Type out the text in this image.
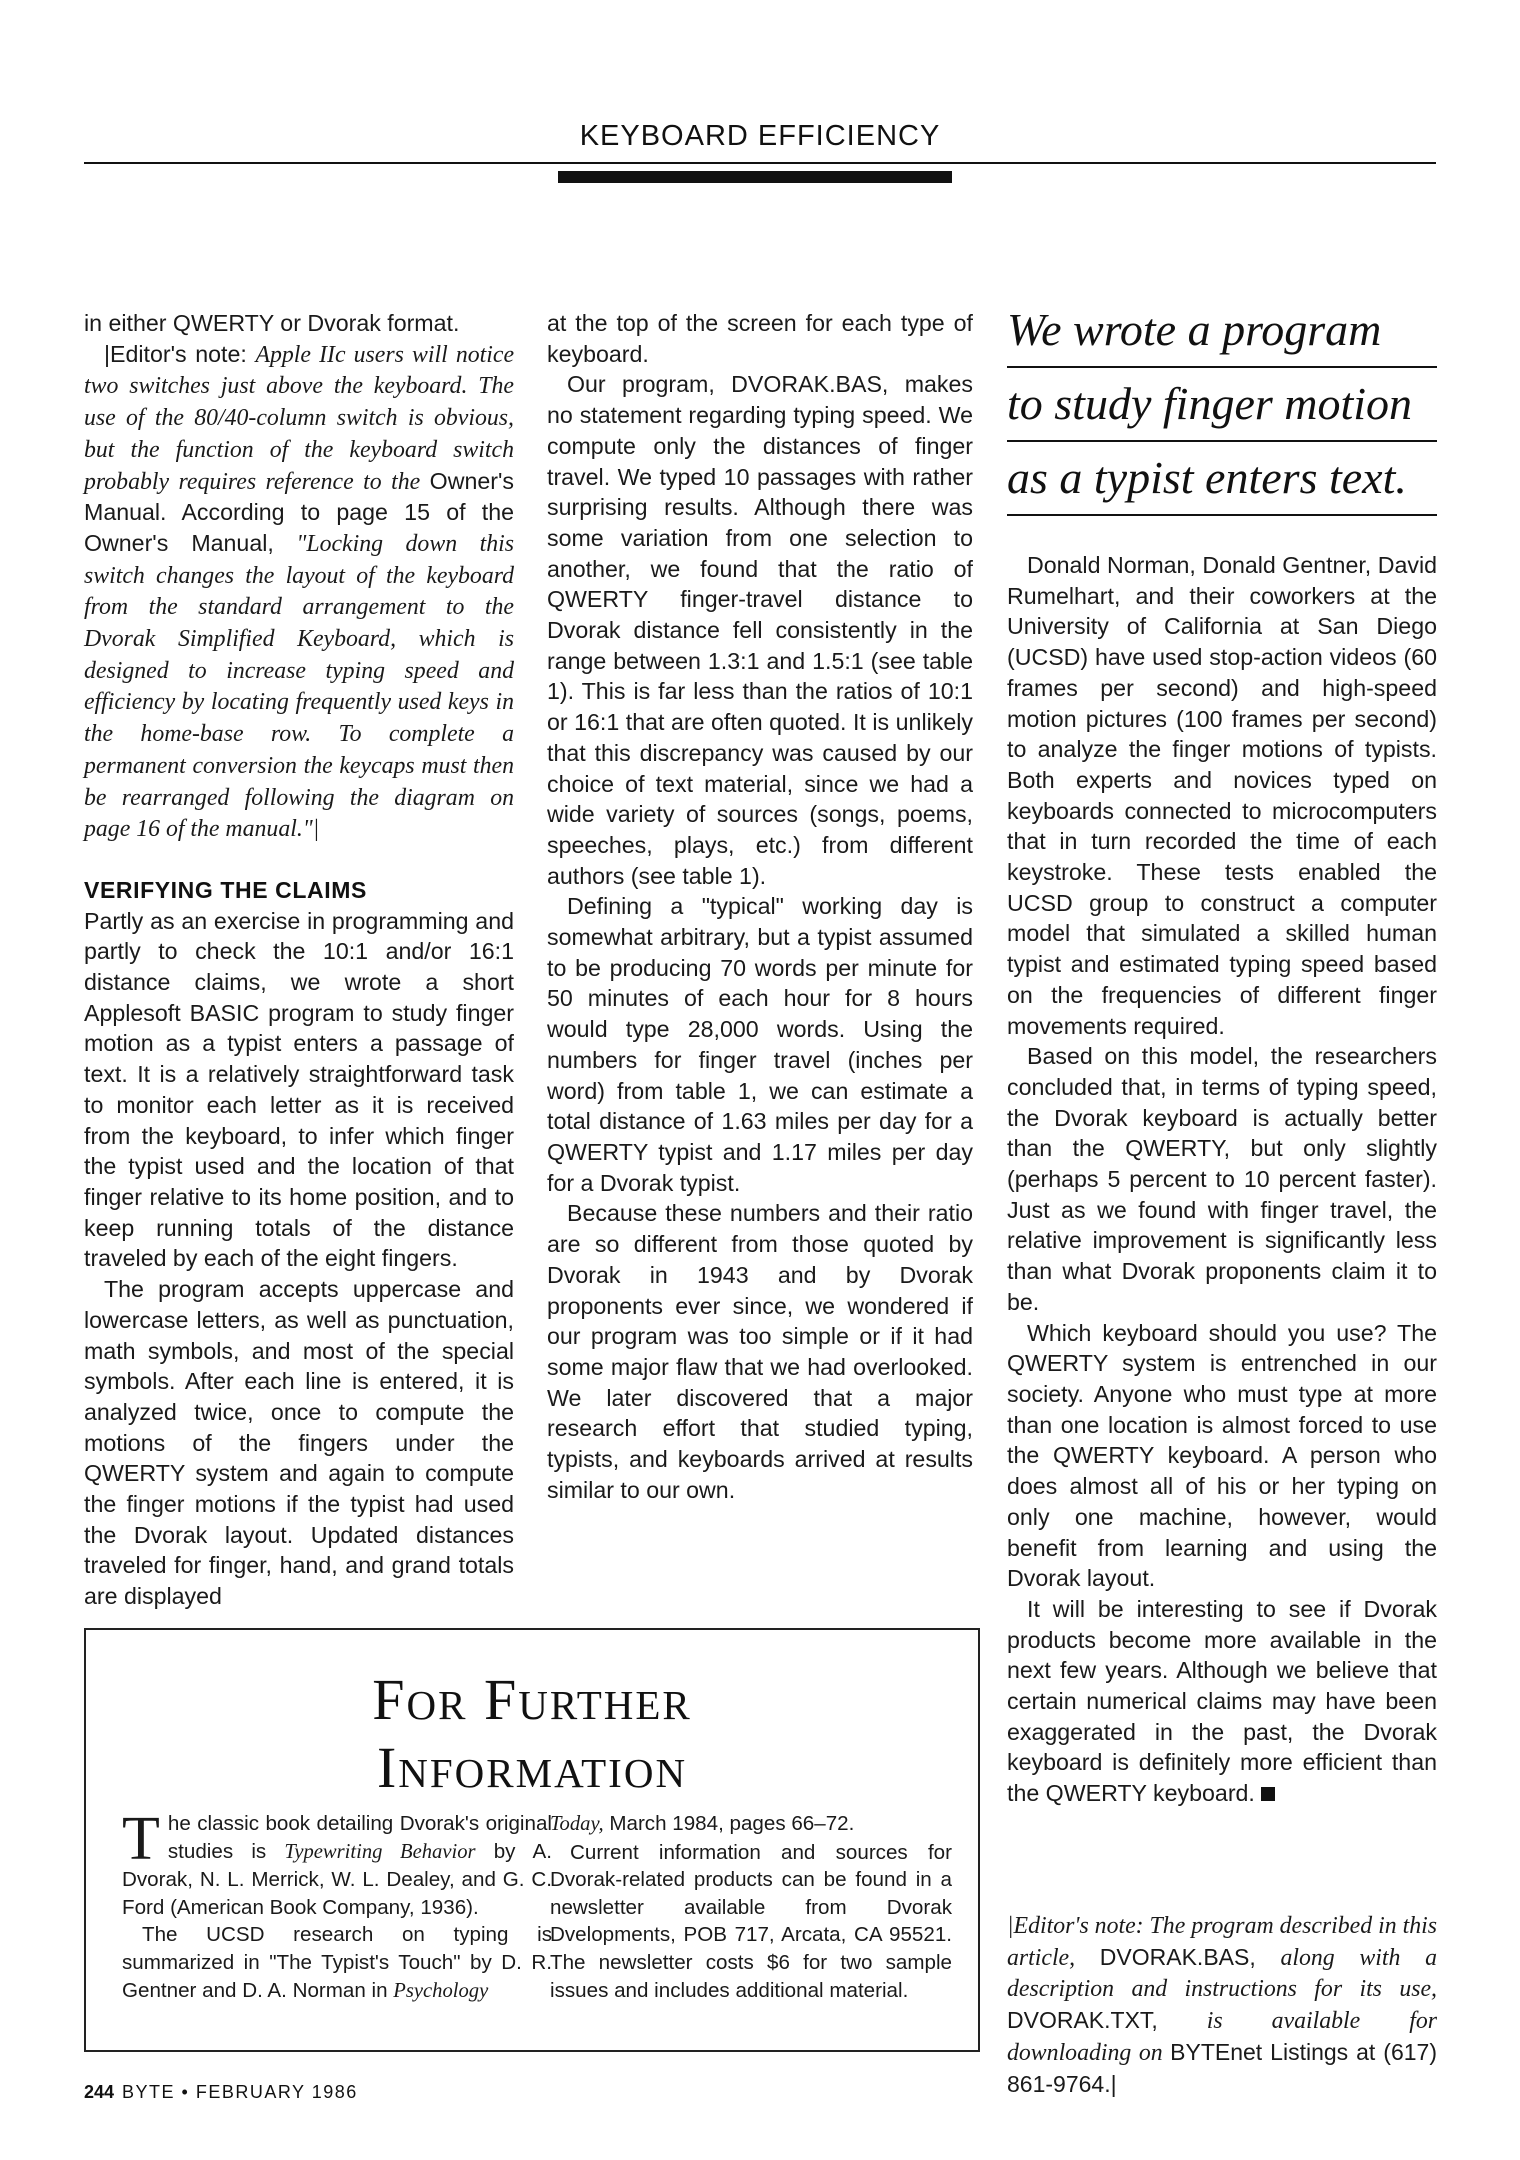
KEYBOARD EFFICIENCY

in either QWERTY or Dvorak format.

|Editor's note: Apple IIc users will notice two switches just above the keyboard. The use of the 80/40-column switch is obvious, but the function of the keyboard switch probably requires reference to the Owner's Manual. According to page 15 of the Owner's Manual, "Locking down this switch changes the layout of the keyboard from the standard arrangement to the Dvorak Simplified Keyboard, which is designed to increase typing speed and efficiency by locating frequently used keys in the home-base row. To complete a permanent conversion the keycaps must then be rearranged following the diagram on page 16 of the manual."|

VERIFYING THE CLAIMS

Partly as an exercise in programming and partly to check the 10:1 and/or 16:1 distance claims, we wrote a short Applesoft BASIC program to study finger motion as a typist enters a passage of text. It is a relatively straightforward task to monitor each letter as it is received from the keyboard, to infer which finger the typist used and the location of that finger relative to its home position, and to keep running totals of the distance traveled by each of the eight fingers.

The program accepts uppercase and lowercase letters, as well as punctuation, math symbols, and most of the special symbols. After each line is entered, it is analyzed twice, once to compute the motions of the fingers under the QWERTY system and again to compute the finger motions if the typist had used the Dvorak layout. Updated distances traveled for finger, hand, and grand totals are displayed

at the top of the screen for each type of keyboard.

Our program, DVORAK.BAS, makes no statement regarding typing speed. We compute only the distances of finger travel. We typed 10 passages with rather surprising results. Although there was some variation from one selection to another, we found that the ratio of QWERTY finger-travel distance to Dvorak distance fell consistently in the range between 1.3:1 and 1.5:1 (see table 1). This is far less than the ratios of 10:1 or 16:1 that are often quoted. It is unlikely that this discrepancy was caused by our choice of text material, since we had a wide variety of sources (songs, poems, speeches, plays, etc.) from different authors (see table 1).

Defining a "typical" working day is somewhat arbitrary, but a typist assumed to be producing 70 words per minute for 50 minutes of each hour for 8 hours would type 28,000 words. Using the numbers for finger travel (inches per word) from table 1, we can estimate a total distance of 1.63 miles per day for a QWERTY typist and 1.17 miles per day for a Dvorak typist.

Because these numbers and their ratio are so different from those quoted by Dvorak in 1943 and by Dvorak proponents ever since, we wondered if our program was too simple or if it had some major flaw that we had overlooked. We later discovered that a major research effort that studied typing, typists, and keyboards arrived at results similar to our own.

We wrote a program
to study finger motion
as a typist enters text.

Donald Norman, Donald Gentner, David Rumelhart, and their coworkers at the University of California at San Diego (UCSD) have used stop-action videos (60 frames per second) and high-speed motion pictures (100 frames per second) to analyze the finger motions of typists. Both experts and novices typed on keyboards connected to microcomputers that in turn recorded the time of each keystroke. These tests enabled the UCSD group to construct a computer model that simulated a skilled human typist and estimated typing speed based on the frequencies of different finger movements required.

Based on this model, the researchers concluded that, in terms of typing speed, the Dvorak keyboard is actually better than the QWERTY, but only slightly (perhaps 5 percent to 10 percent faster). Just as we found with finger travel, the relative improvement is significantly less than what Dvorak proponents claim it to be.

Which keyboard should you use? The QWERTY system is entrenched in our society. Anyone who must type at more than one location is almost forced to use the QWERTY keyboard. A person who does almost all of his or her typing on only one machine, however, would benefit from learning and using the Dvorak layout.

It will be interesting to see if Dvorak products become more available in the next few years. Although we believe that certain numerical claims may have been exaggerated in the past, the Dvorak keyboard is definitely more efficient than the QWERTY keyboard.

|Editor's note: The program described in this article, DVORAK.BAS, along with a description and instructions for its use, DVORAK.TXT, is available for downloading on BYTEnet Listings at (617) 861-9764.|
For Further
Information

The classic book detailing Dvorak's original studies is Typewriting Behavior by A. Dvorak, N. L. Merrick, W. L. Dealey, and G. C. Ford (American Book Company, 1936).

The UCSD research on typing is summarized in "The Typist's Touch" by D. R. Gentner and D. A. Norman in Psychology

Today, March 1984, pages 66–72.

Current information and sources for Dvorak-related products can be found in a newsletter available from Dvorak Dvelopments, POB 717, Arcata, CA 95521. The newsletter costs $6 for two sample issues and includes additional material.

244 BYTE • FEBRUARY 1986
